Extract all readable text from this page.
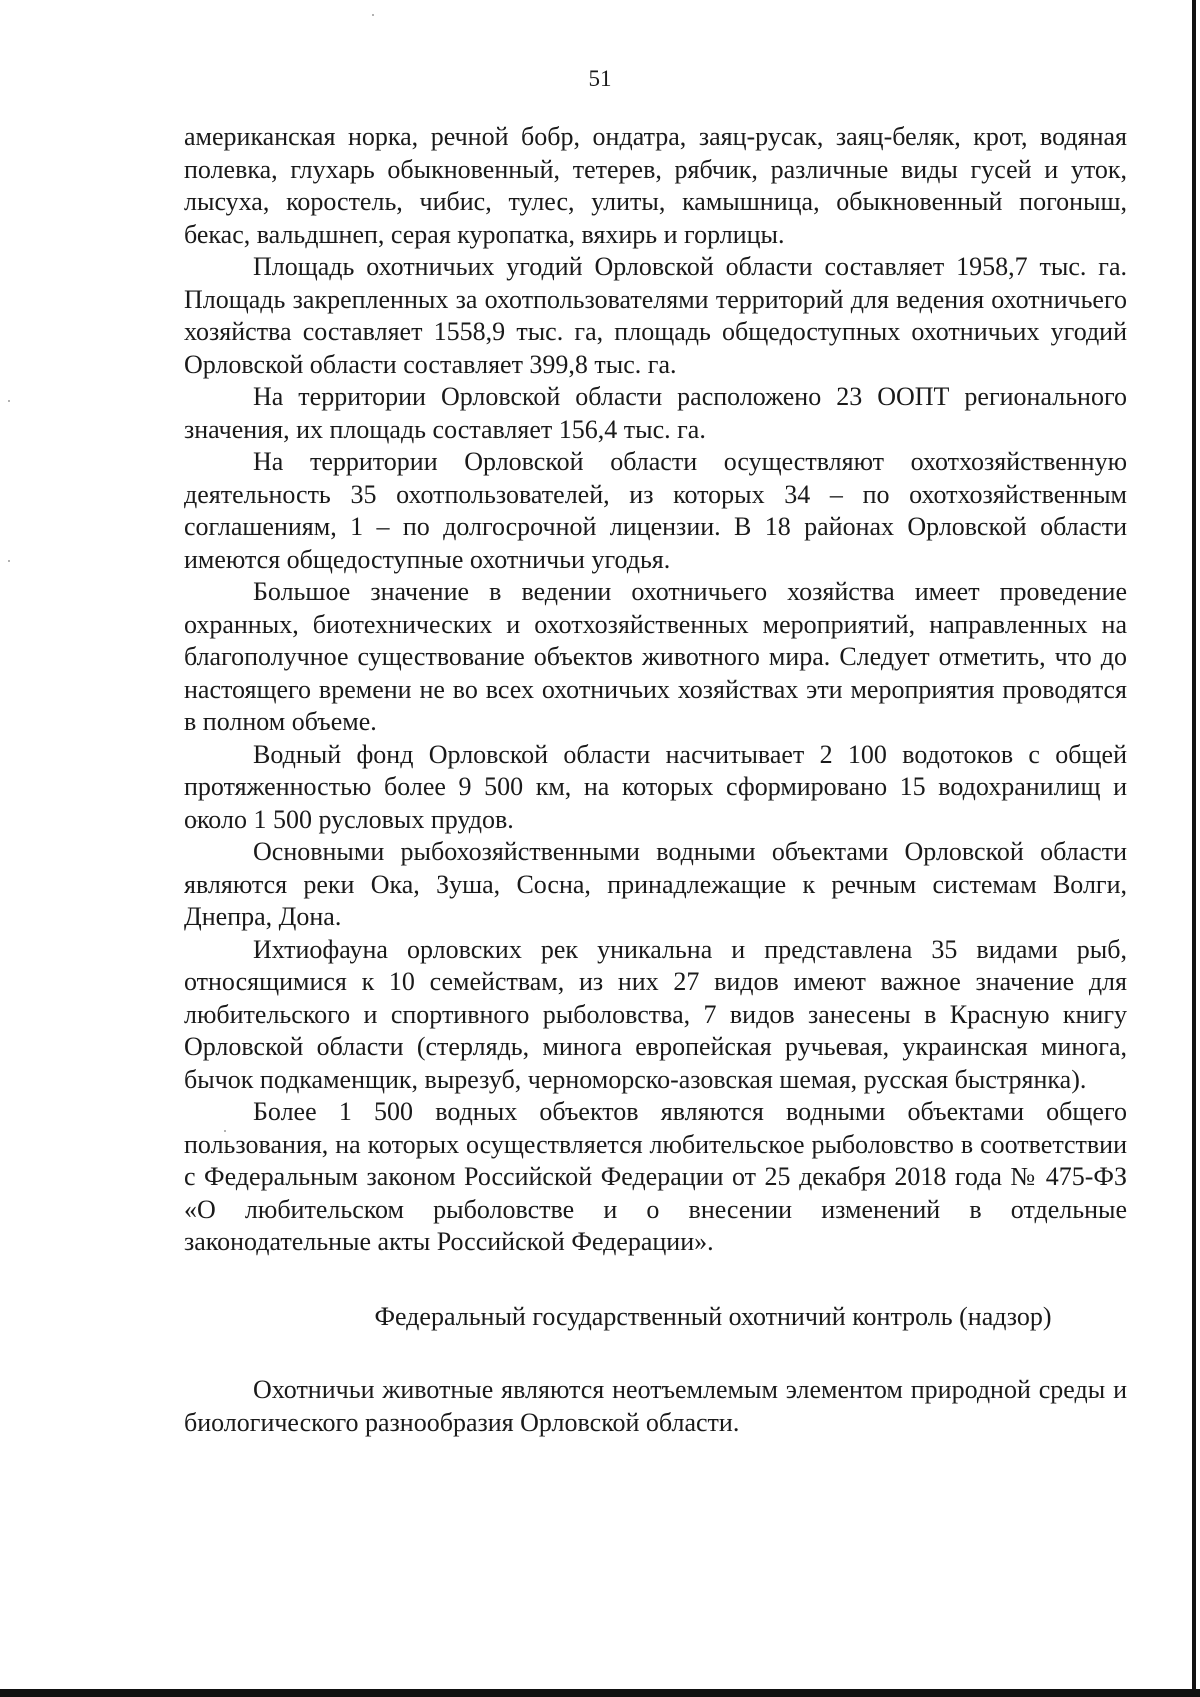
51

американская норка, речной бобр, ондатра, заяц-русак, заяц-беляк, крот, водяная полевка, глухарь обыкновенный, тетерев, рябчик, различные виды гусей и уток, лысуха, коростель, чибис, тулес, улиты, камышница, обыкновенный погоныш, бекас, вальдшнеп, серая куропатка, вяхирь и горлицы.

Площадь охотничьих угодий Орловской области составляет 1958,7 тыс. га. Площадь закрепленных за охотпользователями территорий для ведения охотничьего хозяйства составляет 1558,9 тыс. га, площадь общедоступных охотничьих угодий Орловской области составляет 399,8 тыс. га.

На территории Орловской области расположено 23 ООПТ регионального значения, их площадь составляет 156,4 тыс. га.

На территории Орловской области осуществляют охотхозяйственную деятельность 35 охотпользователей, из которых 34 – по охотхозяйственным соглашениям, 1 – по долгосрочной лицензии. В 18 районах Орловской области имеются общедоступные охотничьи угодья.

Большое значение в ведении охотничьего хозяйства имеет проведение охранных, биотехнических и охотхозяйственных мероприятий, направленных на благополучное существование объектов животного мира. Следует отметить, что до настоящего времени не во всех охотничьих хозяйствах эти мероприятия проводятся в полном объеме.

Водный фонд Орловской области насчитывает 2 100 водотоков с общей протяженностью более 9 500 км, на которых сформировано 15 водохранилищ и около 1 500 русловых прудов.

Основными рыбохозяйственными водными объектами Орловской области являются реки Ока, Зуша, Сосна, принадлежащие к речным системам Волги, Днепра, Дона.

Ихтиофауна орловских рек уникальна и представлена 35 видами рыб, относящимися к 10 семействам, из них 27 видов имеют важное значение для любительского и спортивного рыболовства, 7 видов занесены в Красную книгу Орловской области (стерлядь, минога европейская ручьевая, украинская минога, бычок подкаменщик, вырезуб, черноморско-азовская шемая, русская быстрянка).

Более 1 500 водных объектов являются водными объектами общего пользования, на которых осуществляется любительское рыболовство в соответствии с Федеральным законом Российской Федерации от 25 декабря 2018 года № 475-ФЗ «О любительском рыболовстве и о внесении изменений в отдельные законодательные акты Российской Федерации».

Федеральный государственный охотничий контроль (надзор)

Охотничьи животные являются неотъемлемым элементом природной среды и биологического разнообразия Орловской области.
